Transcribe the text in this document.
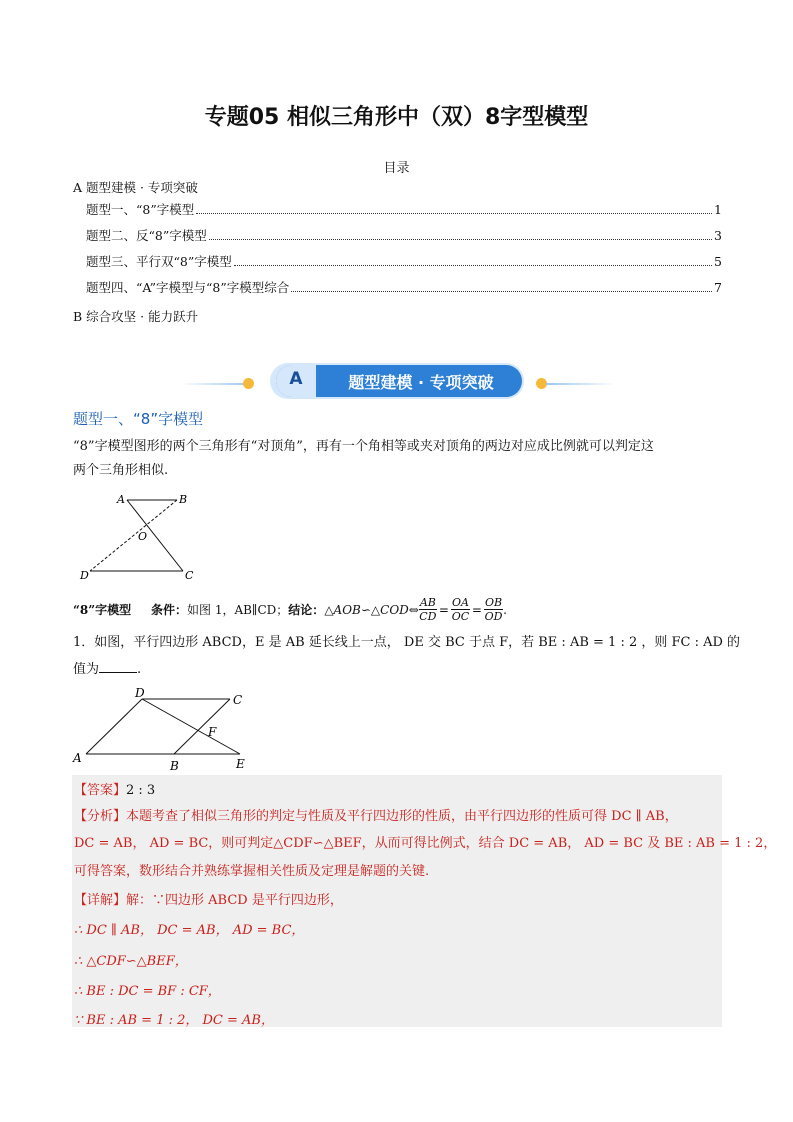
专题05 相似三角形中（双）8字型模型
目录
A 题型建模 · 专项突破
题型一、“8”字模型	1
题型二、反“8”字模型	3
题型三、平行双“8”字模型	5
题型四、“A”字模型与“8”字模型综合	7
B 综合攻坚 · 能力跃升
A	题型建模 · 专项突破
题型一、“8”字模型
“8”字模型图形的两个三角形有“对顶角”，再有一个角相等或夹对顶角的两边对应成比例就可以判定这
两个三角形相似.
A	B
O
D	C
“8”字模型	条件： 如图 1，AB∥CD； 结论： △AOB∽△COD⇔ $\frac{AB}{CD} = \frac{OA}{OC} = \frac{OB}{OD}$ .
1．如图，平行四边形 ABCD，E 是 AB 延长线上一点， DE 交 BC 于点 F，若 BE : AB = 1 : 2 ，则 FC : AD 的
值为	.
D	C
A
B	E
F
【答案】2 : 3
【分析】本题考查了相似三角形的判定与性质及平行四边形的性质，由平行四边形的性质可得 DC ∥ AB，
DC = AB， AD = BC，则可判定△CDF∽△BEF，从而可得比例式，结合 DC = AB， AD = BC 及 BE : AB = 1 : 2，
可得答案，数形结合并熟练掌握相关性质及定理是解题的关键.
【详解】解：∵四边形 ABCD 是平行四边形，
∴ DC ∥ AB， DC = AB， AD = BC，
∴ △CDF∽△BEF，
∴ BE : DC = BF : CF，
∵ BE : AB = 1 : 2， DC = AB，
